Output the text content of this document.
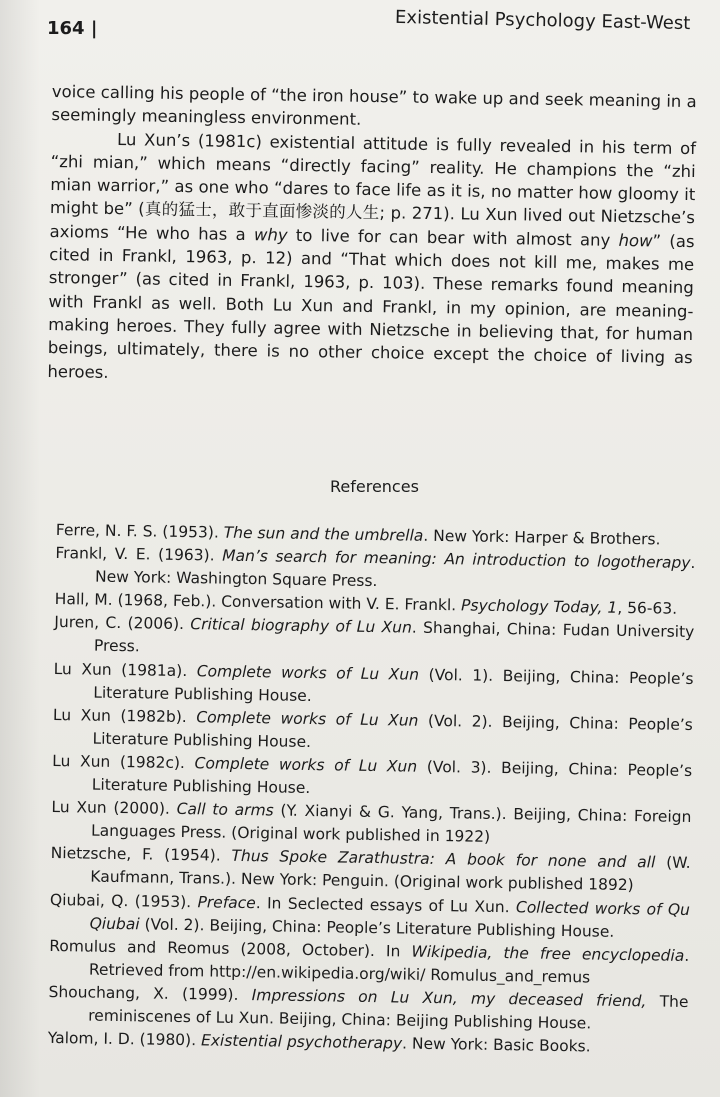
164 |	Existential Psychology East-West

voice calling his people of “the iron house” to wake up and seek meaning in a seemingly meaningless environment.

Lu Xun’s (1981c) existential attitude is fully revealed in his term of “zhi mian,” which means “directly facing” reality. He champions the “zhi mian warrior,” as one who “dares to face life as it is, no matter how gloomy it might be” (真的猛士，敢于直面惨淡的人生; p. 271). Lu Xun lived out Nietzsche’s axioms “He who has a why to live for can bear with almost any how” (as cited in Frankl, 1963, p. 12) and “That which does not kill me, makes me stronger” (as cited in Frankl, 1963, p. 103). These remarks found meaning with Frankl as well. Both Lu Xun and Frankl, in my opinion, are meaning-making heroes. They fully agree with Nietzsche in believing that, for human beings, ultimately, there is no other choice except the choice of living as heroes.

References
Ferre, N. F. S. (1953). The sun and the umbrella. New York: Harper & Brothers.
Frankl, V. E. (1963). Man’s search for meaning: An introduction to logotherapy. New York: Washington Square Press.
Hall, M. (1968, Feb.). Conversation with V. E. Frankl. Psychology Today, 1, 56-63.
Juren, C. (2006). Critical biography of Lu Xun. Shanghai, China: Fudan University Press.
Lu Xun (1981a). Complete works of Lu Xun (Vol. 1). Beijing, China: People’s Literature Publishing House.
Lu Xun (1982b). Complete works of Lu Xun (Vol. 2). Beijing, China: People’s Literature Publishing House.
Lu Xun (1982c). Complete works of Lu Xun (Vol. 3). Beijing, China: People’s Literature Publishing House.
Lu Xun (2000). Call to arms (Y. Xianyi & G. Yang, Trans.). Beijing, China: Foreign Languages Press. (Original work published in 1922)
Nietzsche, F. (1954). Thus Spoke Zarathustra: A book for none and all (W. Kaufmann, Trans.). New York: Penguin. (Original work published 1892)
Qiubai, Q. (1953). Preface. In Seclected essays of Lu Xun. Collected works of Qu Qiubai (Vol. 2). Beijing, China: People’s Literature Publishing House.
Romulus and Reomus (2008, October). In Wikipedia, the free encyclopedia. Retrieved from http://en.wikipedia.org/wiki/ Romulus_and_remus
Shouchang, X. (1999). Impressions on Lu Xun, my deceased friend, The reminiscenes of Lu Xun. Beijing, China: Beijing Publishing House.
Yalom, I. D. (1980). Existential psychotherapy. New York: Basic Books.
